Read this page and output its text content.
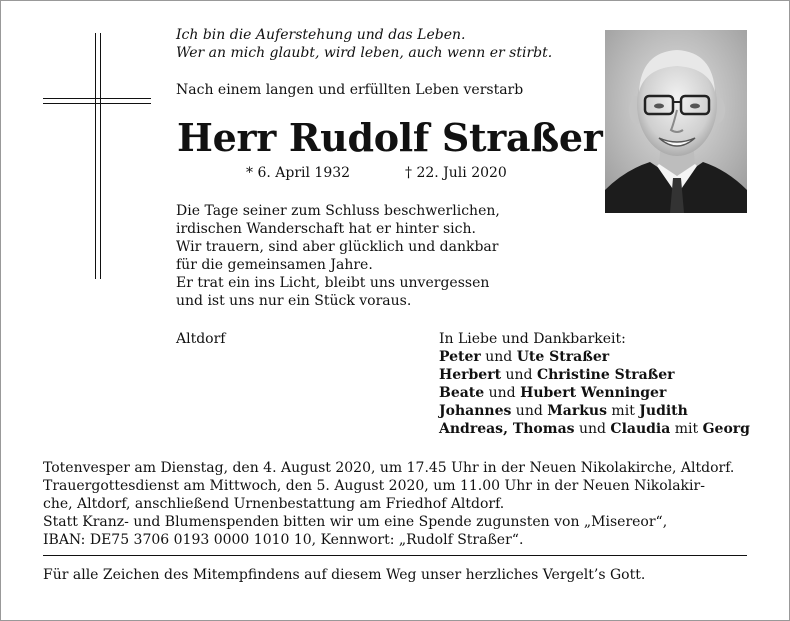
Ich bin die Auferstehung und das Leben.
Wer an mich glaubt, wird leben, auch wenn er stirbt.
Nach einem langen und erfüllten Leben verstarb
Herr Rudolf Straßer
* 6. April 1932	† 22. Juli 2020
Die Tage seiner zum Schluss beschwerlichen,
irdischen Wanderschaft hat er hinter sich.
Wir trauern, sind aber glücklich und dankbar
für die gemeinsamen Jahre.
Er trat ein ins Licht, bleibt uns unvergessen
und ist uns nur ein Stück voraus.
Altdorf	In Liebe und Dankbarkeit:
Peter und Ute Straßer
Herbert und Christine Straßer
Beate und Hubert Wenninger
Johannes und Markus mit Judith
Andreas, Thomas und Claudia mit Georg
Totenvesper am Dienstag, den 4. August 2020, um 17.45 Uhr in der Neuen Nikolakirche, Altdorf.
Trauergottesdienst am Mittwoch, den 5. August 2020, um 11.00 Uhr in der Neuen Nikolakir-
che, Altdorf, anschließend Urnenbestattung am Friedhof Altdorf.
Statt Kranz- und Blumenspenden bitten wir um eine Spende zugunsten von „Misereor“,
IBAN: DE75 3706 0193 0000 1010 10, Kennwort: „Rudolf Straßer“.
Für alle Zeichen des Mitempfindens auf diesem Weg unser herzliches Vergelt’s Gott.
